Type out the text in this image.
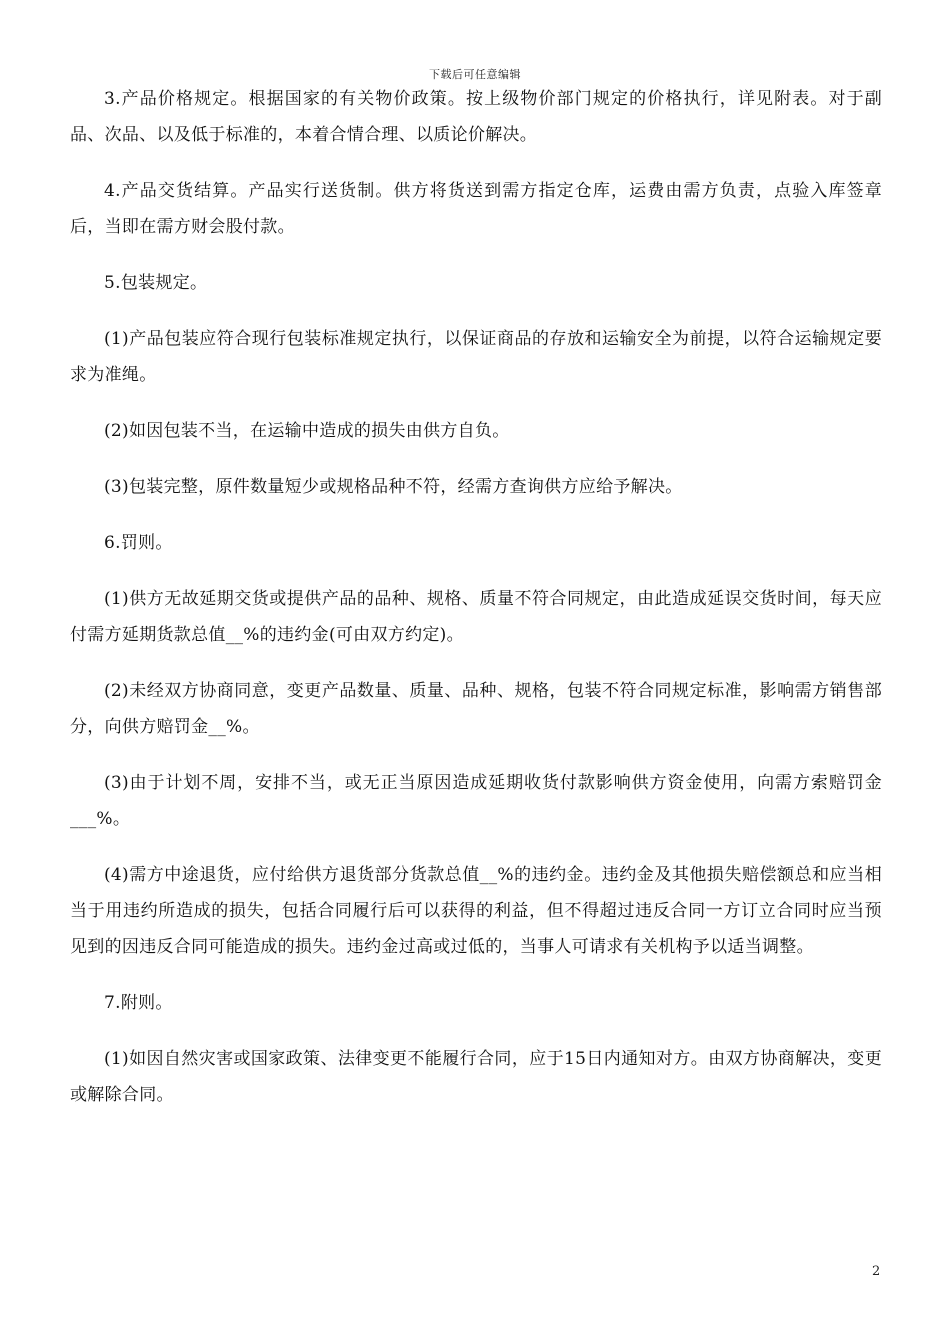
下载后可任意编辑

3.产品价格规定。根据国家的有关物价政策。按上级物价部门规定的价格执行，详见附表。对于副品、次品、以及低于标准的，本着合情合理、以质论价解决。

4.产品交货结算。产品实行送货制。供方将货送到需方指定仓库，运费由需方负责，点验入库签章后，当即在需方财会股付款。

5.包装规定。

(1)产品包装应符合现行包装标准规定执行，以保证商品的存放和运输安全为前提，以符合运输规定要求为准绳。

(2)如因包装不当，在运输中造成的损失由供方自负。

(3)包装完整，原件数量短少或规格品种不符，经需方查询供方应给予解决。

6.罚则。

(1)供方无故延期交货或提供产品的品种、规格、质量不符合同规定，由此造成延误交货时间，每天应付需方延期货款总值__%的违约金(可由双方约定)。

(2)未经双方协商同意，变更产品数量、质量、品种、规格，包装不符合同规定标准，影响需方销售部分，向供方赔罚金__%。

(3)由于计划不周，安排不当，或无正当原因造成延期收货付款影响供方资金使用，向需方索赔罚金___%。

(4)需方中途退货，应付给供方退货部分货款总值__%的违约金。违约金及其他损失赔偿额总和应当相当于用违约所造成的损失，包括合同履行后可以获得的利益，但不得超过违反合同一方订立合同时应当预见到的因违反合同可能造成的损失。违约金过高或过低的，当事人可请求有关机构予以适当调整。

7.附则。

(1)如因自然灾害或国家政策、法律变更不能履行合同，应于15日内通知对方。由双方协商解决，变更或解除合同。

2
